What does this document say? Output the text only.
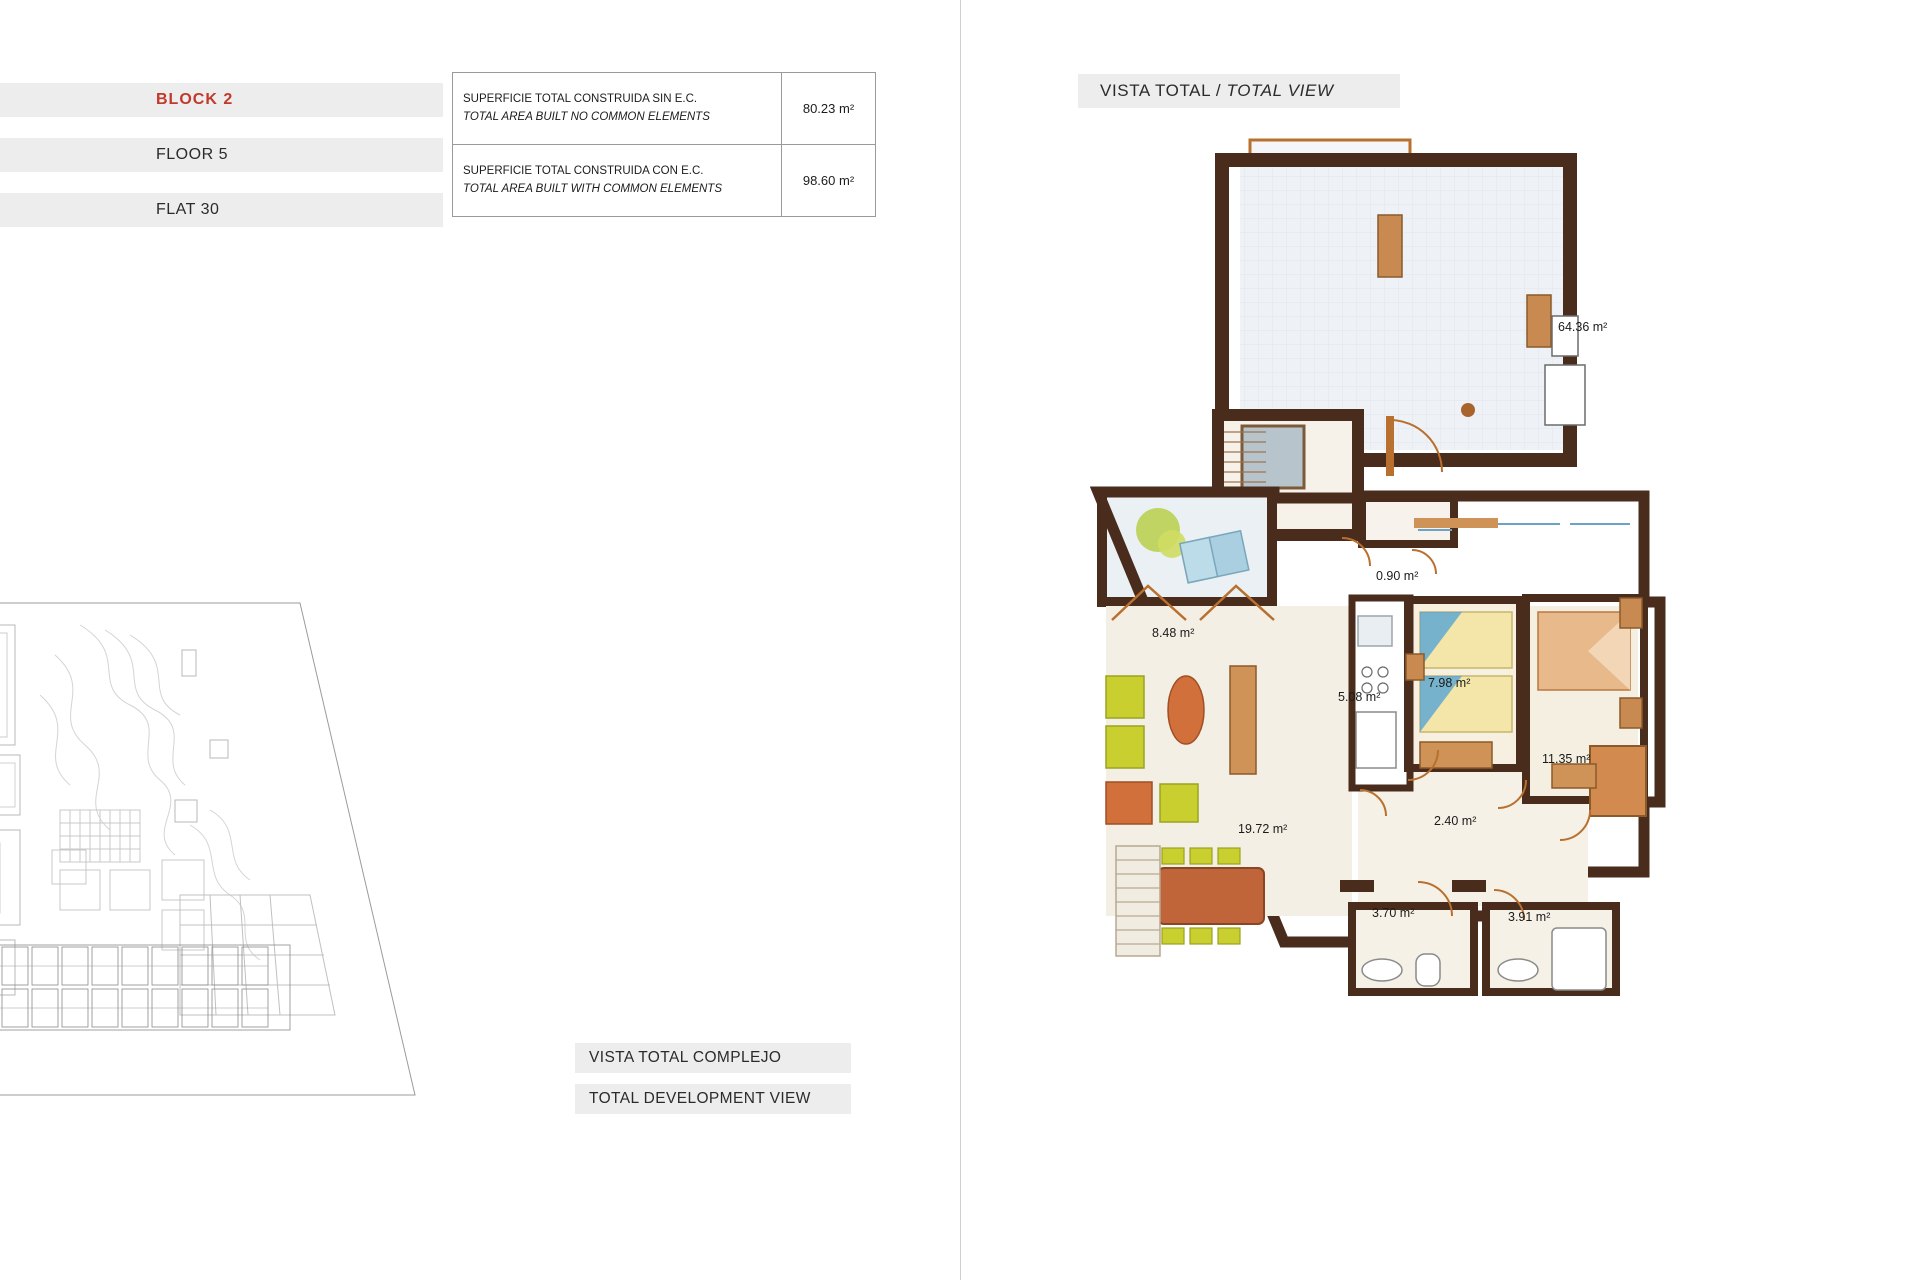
BLOCK 2
FLOOR 5
FLAT 30
SUPERFICIE TOTAL CONSTRUIDA SIN E.C.
TOTAL AREA BUILT NO COMMON ELEMENTS	80.23 m²

SUPERFICIE TOTAL CONSTRUIDA CON E.C.
TOTAL AREA BUILT WITH COMMON ELEMENTS	98.60 m²
VISTA TOTAL COMPLEJO
TOTAL DEVELOPMENT VIEW
VISTA TOTAL / TOTAL VIEW
64.36 m²
0.90 m²
8.48 m²
5.08 m²
7.98 m²
11.35 m²
2.40 m²
19.72 m²
3.70 m²	3.91 m²
